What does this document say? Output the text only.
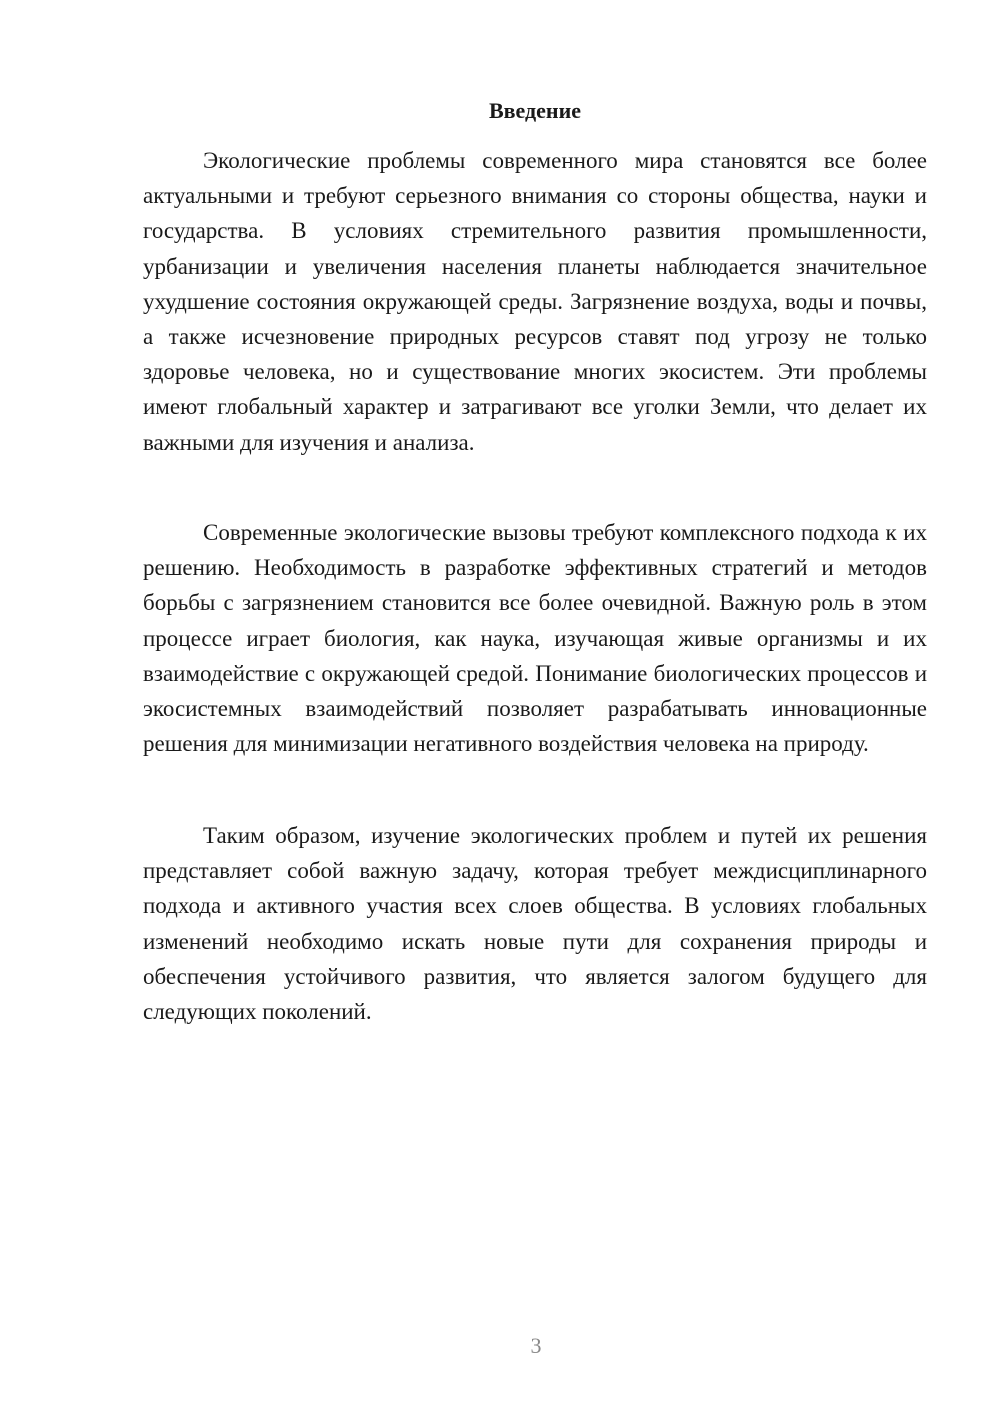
Введение

Экологические проблемы современного мира становятся все более актуальными и требуют серьезного внимания со стороны общества, науки и государства. В условиях стремительного развития промышленности, урбанизации и увеличения населения планеты наблюдается значительное ухудшение состояния окружающей среды. Загрязнение воздуха, воды и почвы, а также исчезновение природных ресурсов ставят под угрозу не только здоровье человека, но и существование многих экосистем. Эти проблемы имеют глобальный характер и затрагивают все уголки Земли, что делает их важными для изучения и анализа.

Современные экологические вызовы требуют комплексного подхода к их решению. Необходимость в разработке эффективных стратегий и методов борьбы с загрязнением становится все более очевидной. Важную роль в этом процессе играет биология, как наука, изучающая живые организмы и их взаимодействие с окружающей средой. Понимание биологических процессов и экосистемных взаимодействий позволяет разрабатывать инновационные решения для минимизации негативного воздействия человека на природу.

Таким образом, изучение экологических проблем и путей их решения представляет собой важную задачу, которая требует междисциплинарного подхода и активного участия всех слоев общества. В условиях глобальных изменений необходимо искать новые пути для сохранения природы и обеспечения устойчивого развития, что является залогом будущего для следующих поколений.

3
